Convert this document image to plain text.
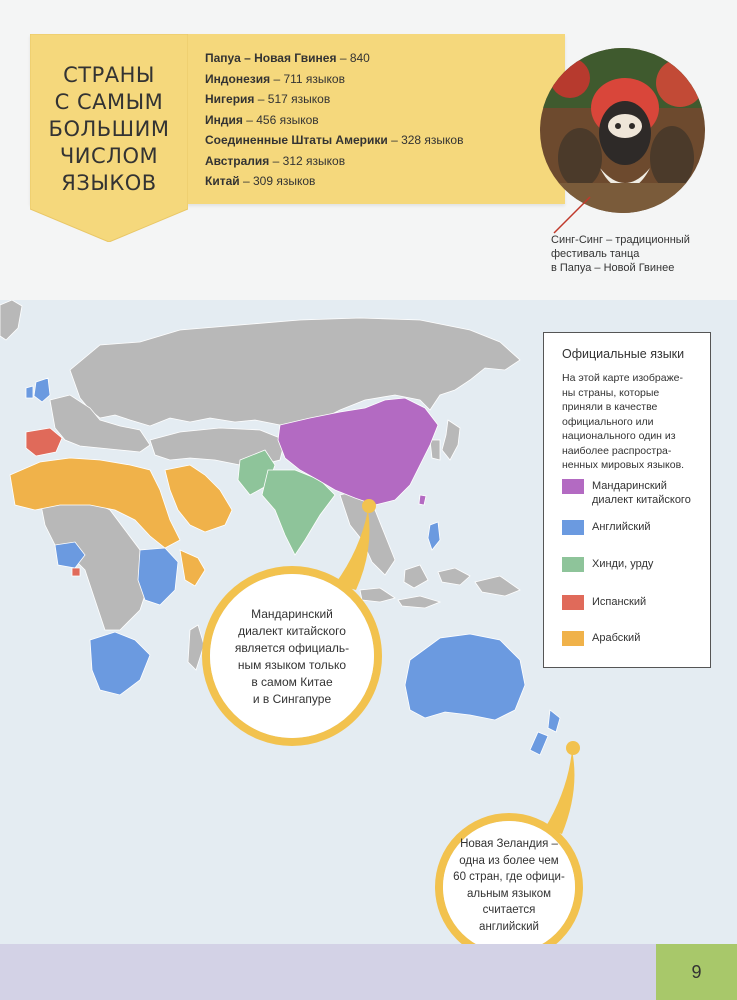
СТРАНЫ
С САМЫМ
БОЛЬШИМ
ЧИСЛОМ
ЯЗЫКОВ
Папуа – Новая Гвинея – 840
Индонезия – 711 языков
Нигерия – 517 языков
Индия – 456 языков
Соединенные Штаты Америки – 328 языков
Австралия – 312 языков
Китай – 309 языков
Синг-Синг – традиционный
фестиваль танца
в Папуа – Новой Гвинее
Официальные языки
На этой карте изображе-
ны страны, которые
приняли в качестве
официального или
национального один из
наиболее распростра-
ненных мировых языков.
Мандаринский
диалект китайского
Английский
Хинди, урду
Испанский
Арабский
Мандаринский
диалект китайского
является официаль-
ным языком только
в самом Китае
и в Сингапуре
Новая Зеландия –
одна из более чем
60 стран, где офици-
альным языком
считается
английский
9
